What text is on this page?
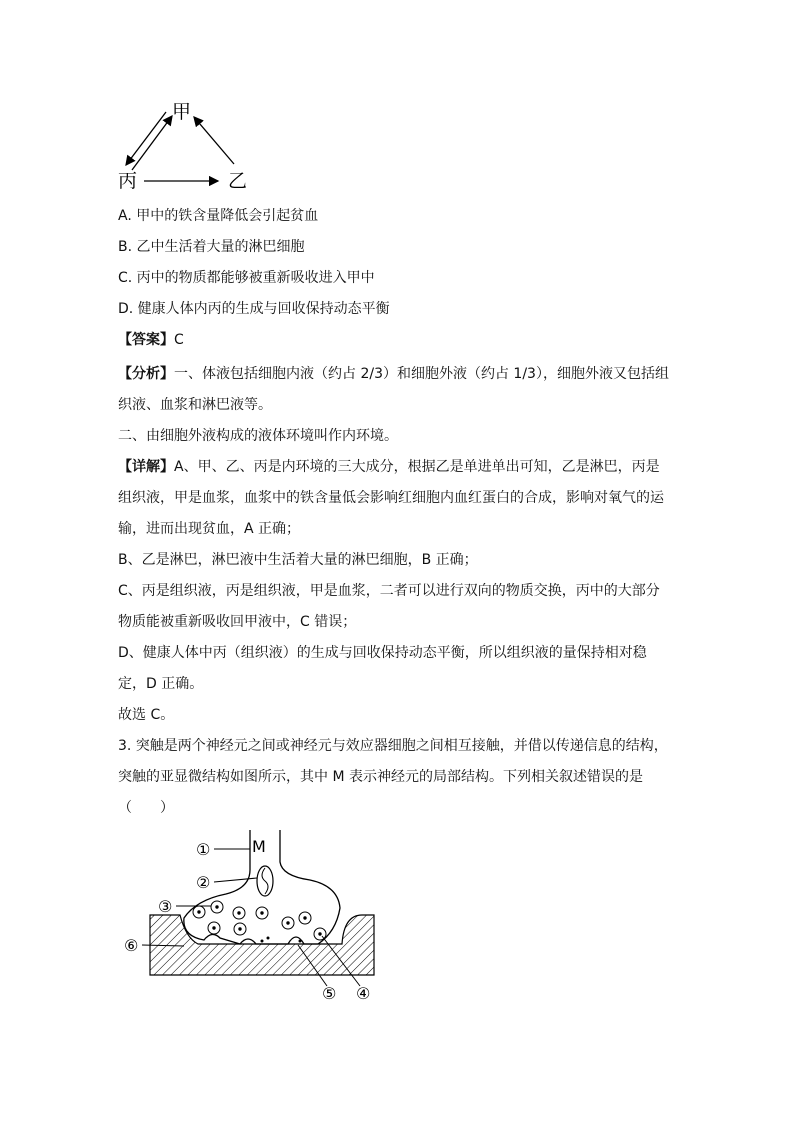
甲
丙	乙
A. 甲中的铁含量降低会引起贫血
B. 乙中生活着大量的淋巴细胞
C. 丙中的物质都能够被重新吸收进入甲中
D. 健康人体内丙的生成与回收保持动态平衡
【答案】C
【分析】一、体液包括细胞内液（约占 2/3）和细胞外液（约占 1/3），细胞外液又包括组
织液、血浆和淋巴液等。
二、由细胞外液构成的液体环境叫作内环境。
【详解】A、甲、乙、丙是内环境的三大成分，根据乙是单进单出可知，乙是淋巴，丙是
组织液，甲是血浆，血浆中的铁含量低会影响红细胞内血红蛋白的合成，影响对氧气的运
输，进而出现贫血，A 正确；
B、乙是淋巴，淋巴液中生活着大量的淋巴细胞，B 正确；
C、丙是组织液，丙是组织液，甲是血浆，二者可以进行双向的物质交换，丙中的大部分
物质能被重新吸收回甲液中，C 错误；
D、健康人体中丙（组织液）的生成与回收保持动态平衡，所以组织液的量保持相对稳
定，D 正确。
故选 C。
3. 突触是两个神经元之间或神经元与效应器细胞之间相互接触，并借以传递信息的结构，
突触的亚显微结构如图所示，其中 M 表示神经元的局部结构。下列相关叙述错误的是
（　　）
M
①
②
③
⑥
⑤ ④
